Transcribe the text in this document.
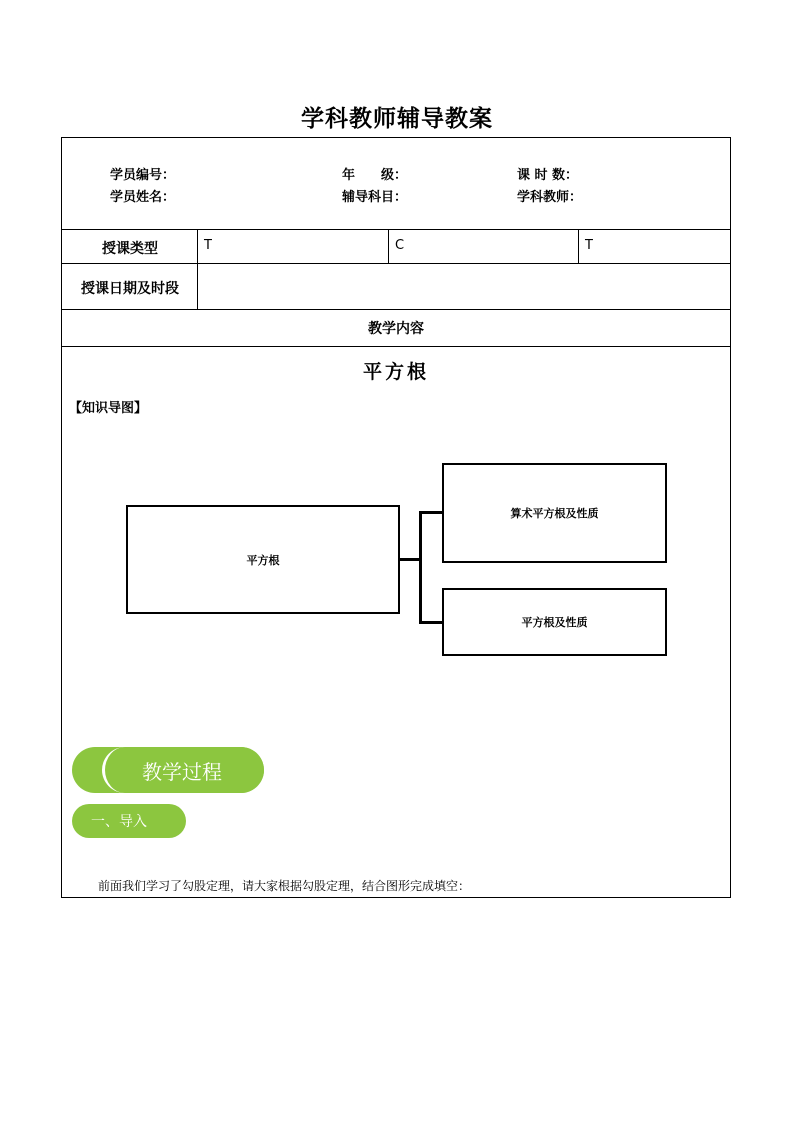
学科教师辅导教案
学员编号：	年　　级：	课 时 数：
学员姓名：	辅导科目：	学科教师：
授课类型	T	C	T
授课日期及时段
教学内容
平方根
【知识导图】
平方根
算术平方根及性质
平方根及性质
教学过程
一、导入
前面我们学习了勾股定理，请大家根据勾股定理，结合图形完成填空：
